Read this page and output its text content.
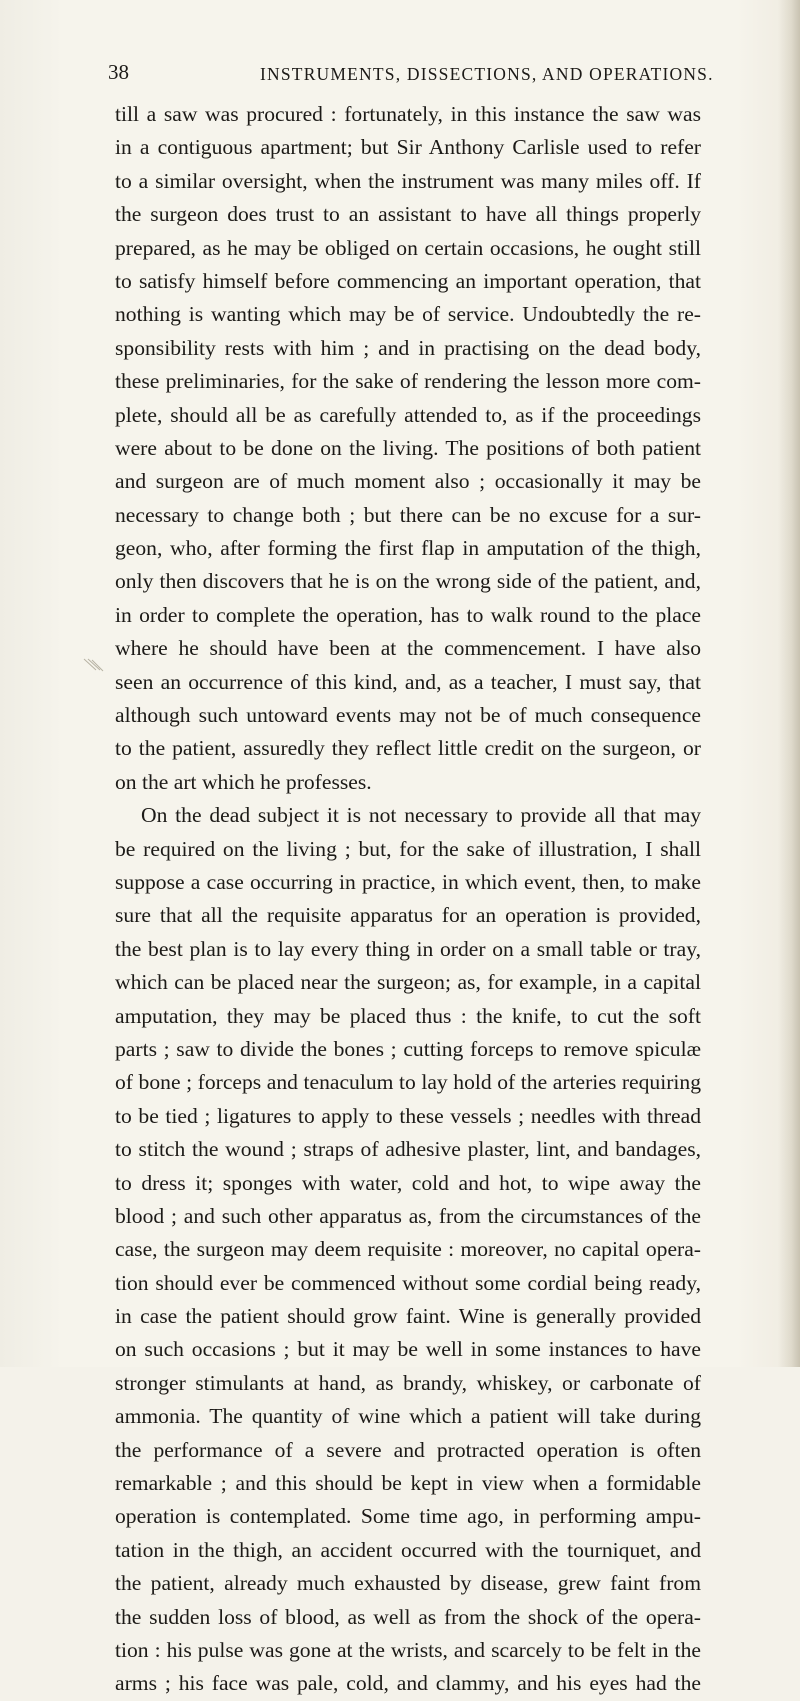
38	INSTRUMENTS, DISSECTIONS, AND OPERATIONS.
till a saw was procured : fortunately, in this instance the saw was
in a contiguous apartment; but Sir Anthony Carlisle used to refer
to a similar oversight, when the instrument was many miles off. If
the surgeon does trust to an assistant to have all things properly
prepared, as he may be obliged on certain occasions, he ought still
to satisfy himself before commencing an important operation, that
nothing is wanting which may be of service. Undoubtedly the re-
sponsibility rests with him ; and in practising on the dead body,
these preliminaries, for the sake of rendering the lesson more com-
plete, should all be as carefully attended to, as if the proceedings
were about to be done on the living. The positions of both patient
and surgeon are of much moment also ; occasionally it may be
necessary to change both ; but there can be no excuse for a sur-
geon, who, after forming the first flap in amputation of the thigh,
only then discovers that he is on the wrong side of the patient, and,
in order to complete the operation, has to walk round to the place
where he should have been at the commencement. I have also
seen an occurrence of this kind, and, as a teacher, I must say, that
although such untoward events may not be of much consequence
to the patient, assuredly they reflect little credit on the surgeon, or
on the art which he professes.
On the dead subject it is not necessary to provide all that may
be required on the living ; but, for the sake of illustration, I shall
suppose a case occurring in practice, in which event, then, to make
sure that all the requisite apparatus for an operation is provided,
the best plan is to lay every thing in order on a small table or tray,
which can be placed near the surgeon; as, for example, in a capital
amputation, they may be placed thus : the knife, to cut the soft
parts ; saw to divide the bones ; cutting forceps to remove spiculæ
of bone ; forceps and tenaculum to lay hold of the arteries requiring
to be tied ; ligatures to apply to these vessels ; needles with thread
to stitch the wound ; straps of adhesive plaster, lint, and bandages,
to dress it; sponges with water, cold and hot, to wipe away the
blood ; and such other apparatus as, from the circumstances of the
case, the surgeon may deem requisite : moreover, no capital opera-
tion should ever be commenced without some cordial being ready,
in case the patient should grow faint. Wine is generally provided
on such occasions ; but it may be well in some instances to have
stronger stimulants at hand, as brandy, whiskey, or carbonate of
ammonia. The quantity of wine which a patient will take during
the performance of a severe and protracted operation is often
remarkable ; and this should be kept in view when a formidable
operation is contemplated. Some time ago, in performing ampu-
tation in the thigh, an accident occurred with the tourniquet, and
the patient, already much exhausted by disease, grew faint from
the sudden loss of blood, as well as from the shock of the opera-
tion : his pulse was gone at the wrists, and scarcely to be felt in the
arms ; his face was pale, cold, and clammy, and his eyes had the
